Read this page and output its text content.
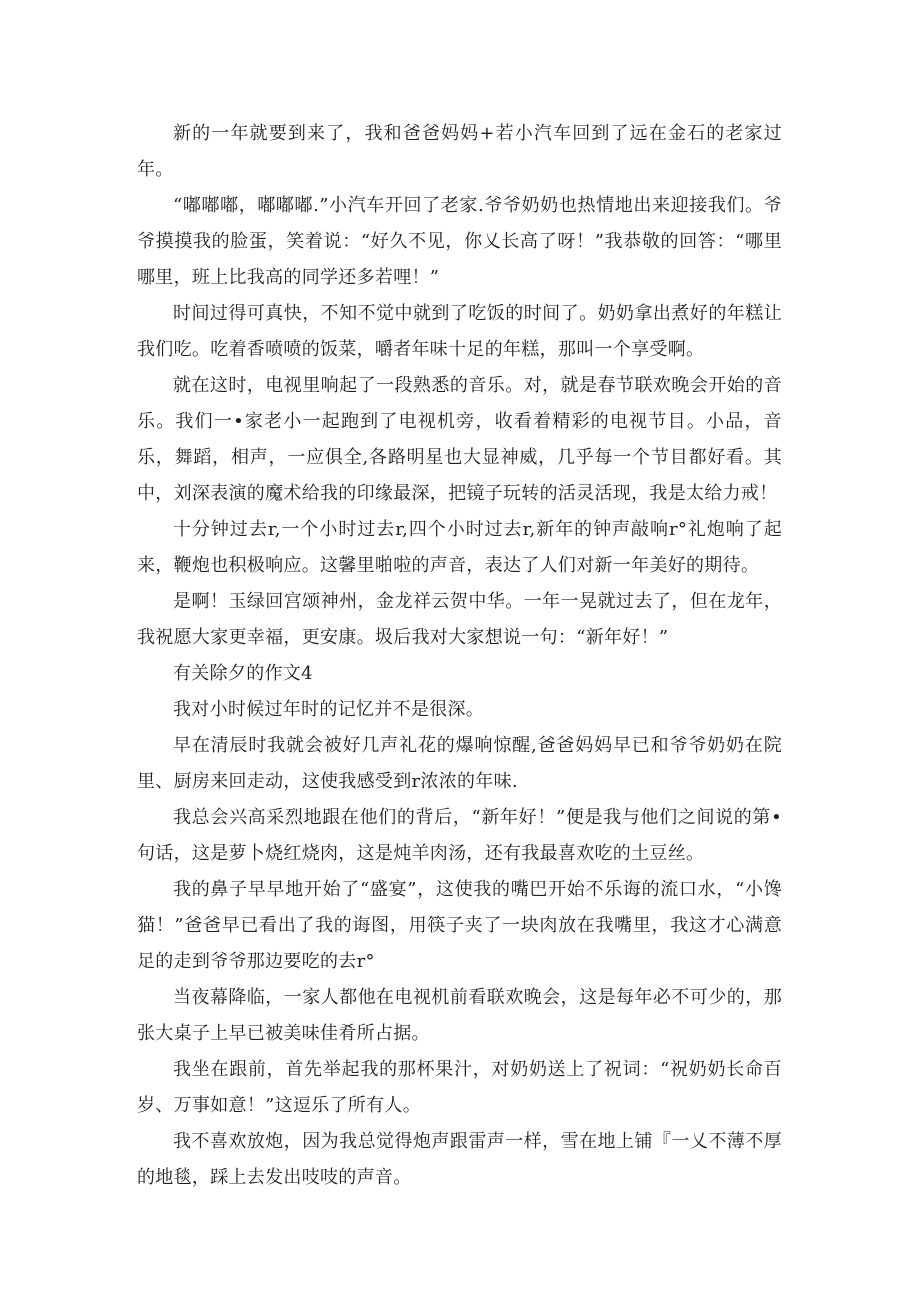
新的一年就要到来了，我和爸爸妈妈+若小汽车回到了远在金石的老家过年。

“嘟嘟嘟，嘟嘟嘟.”小汽车开回了老家.爷爷奶奶也热情地出来迎接我们。爷爷摸摸我的脸蛋，笑着说：“好久不见，你乂长高了呀！”我恭敬的回答：“哪里哪里，班上比我高的同学还多若哩！”

时间过得可真快，不知不觉中就到了吃饭的时间了。奶奶拿出煮好的年糕让我们吃。吃着香喷喷的饭菜，嚼者年味十足的年糕，那叫一个享受啊。

就在这时，电视里响起了一段熟悉的音乐。对，就是春节联欢晚会开始的音乐。我们一•家老小一起跑到了电视机旁，收看着精彩的电视节目。小品，音乐，舞蹈，相声，一应俱全,各路明星也大显神威，几乎每一个节目都好看。其中，刘深表演的魔术给我的印缘最深，把镜子玩转的活灵活现，我是太给力戒！

十分钟过去r,一个小时过去r,四个小时过去r,新年的钟声敲响r°礼炮响了起来，鞭炮也积极响应。这馨里啪啦的声音，表达了人们对新一年美好的期待。

是啊！玉绿回宫颂神州，金龙祥云贺中华。一年一晃就过去了，但在龙年，我祝愿大家更幸福，更安康。圾后我对大家想说一句：“新年好！”

有关除夕的作文4

我对小时候过年时的记忆并不是很深。

早在清辰时我就会被好几声礼花的爆响惊醒,爸爸妈妈早已和爷爷奶奶在院里、厨房来回走动，这使我感受到r浓浓的年味.

我总会兴高采烈地跟在他们的背后，“新年好！”便是我与他们之间说的第•句话，这是萝卜烧红烧肉，这是炖羊肉汤，还有我最喜欢吃的土豆丝。

我的鼻子早早地开始了“盛宴”，这使我的嘴巴开始不乐诲的流口水，“小馋猫！”爸爸早已看出了我的诲图，用筷子夹了一块肉放在我嘴里，我这才心满意足的走到爷爷那边要吃的去r°

当夜幕降临，一家人都他在电视机前看联欢晚会，这是每年必不可少的，那张大桌子上早已被美味佳肴所占据。

我坐在跟前，首先举起我的那杯果汁，对奶奶送上了祝词：“祝奶奶长命百岁、万事如意！”这逗乐了所有人。

我不喜欢放炮，因为我总觉得炮声跟雷声一样，雪在地上铺『一乂不薄不厚的地毯，踩上去发出吱吱的声音。
